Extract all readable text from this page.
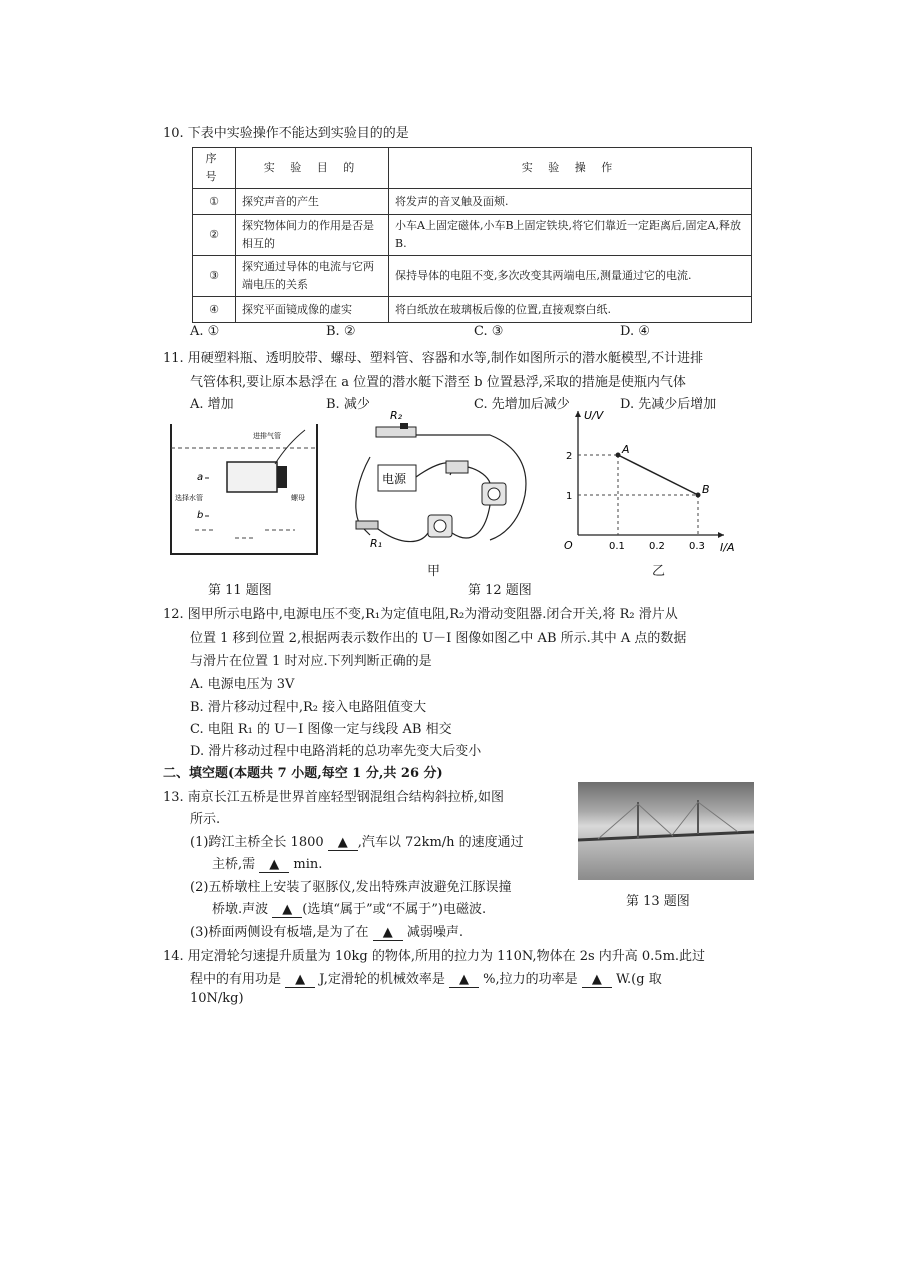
10. 下表中实验操作不能达到实验目的的是
序号	实 验 目 的	实 验 操 作
①	探究声音的产生	将发声的音叉触及面颊.
②	探究物体间力的作用是否是相互的	小车A上固定磁体,小车B上固定铁块,将它们靠近一定距离后,固定A,释放B.
③	探究通过导体的电流与它两端电压的关系	保持导体的电阻不变,多次改变其两端电压,测量通过它的电流.
④	探究平面镜成像的虚实	将白纸放在玻璃板后像的位置,直接观察白纸.
A. ①	B. ②	C. ③	D. ④
11. 用硬塑料瓶、透明胶带、螺母、塑料管、容器和水等,制作如图所示的潜水艇模型,不计进排
气管体积,要让原本悬浮在 a 位置的潜水艇下潜至 b 位置悬浮,采取的措施是使瓶内气体
A. 增加	B. 减少	C. 先增加后减少	D. 先减少后增加
进排气管
a
b
选择水管	螺母
第 11 题图
R₂
电源
R₁
甲
第 12 题图
U/V
I/A
O	0.1 0.2 0.3
1
2
A
B
乙
12. 图甲所示电路中,电源电压不变,R₁为定值电阻,R₂为滑动变阻器.闭合开关,将 R₂ 滑片从
位置 1 移到位置 2,根据两表示数作出的 U－I 图像如图乙中 AB 所示.其中 A 点的数据
与滑片在位置 1 时对应.下列判断正确的是
A. 电源电压为 3V
B. 滑片移动过程中,R₂ 接入电路阻值变大
C. 电阻 R₁ 的 U－I 图像一定与线段 AB 相交
D. 滑片移动过程中电路消耗的总功率先变大后变小
二、填空题(本题共 7 小题,每空 1 分,共 26 分)
13. 南京长江五桥是世界首座轻型钢混组合结构斜拉桥,如图
所示.
(1)跨江主桥全长 1800 ▲ ,汽车以 72km/h 的速度通过
主桥,需 ▲ min.
(2)五桥墩柱上安装了驱豚仪,发出特殊声波避免江豚误撞
桥墩.声波 ▲ (选填“属于”或“不属于”)电磁波.
(3)桥面两侧设有板墙,是为了在 ▲ 减弱噪声.
第 13 题图
14. 用定滑轮匀速提升质量为 10kg 的物体,所用的拉力为 110N,物体在 2s 内升高 0.5m.此过
程中的有用功是 ▲ J,定滑轮的机械效率是 ▲ %,拉力的功率是 ▲ W.(g 取
10N/kg)
